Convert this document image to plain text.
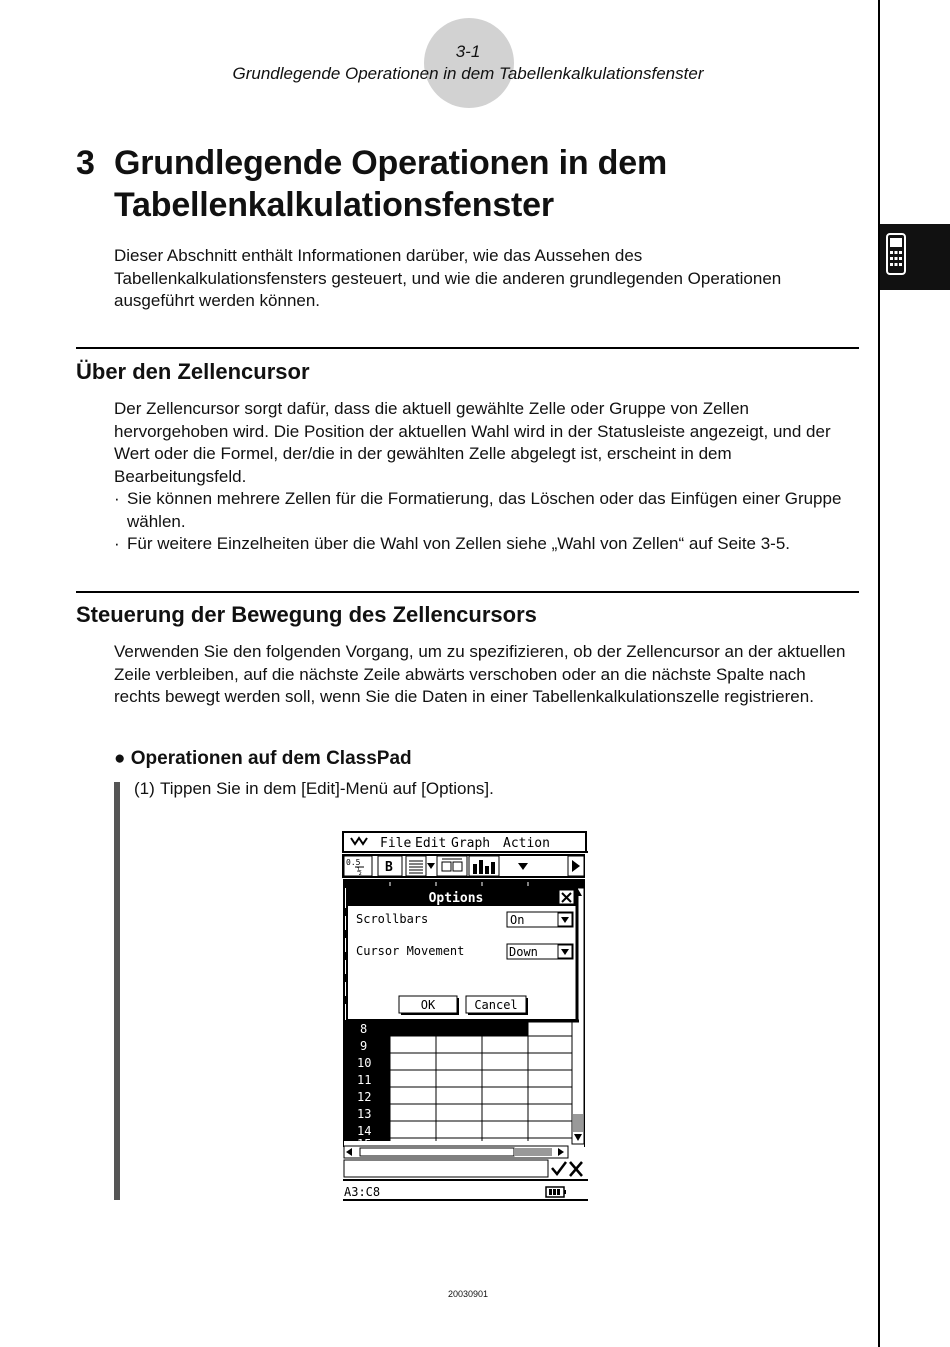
3-1
Grundlegende Operationen in dem Tabellenkalkulationsfenster
3 Grundlegende Operationen in dem Tabellenkalkulationsfenster
Dieser Abschnitt enthält Informationen darüber, wie das Aussehen des Tabellenkalkulationsfensters gesteuert, und wie die anderen grundlegenden Operationen ausgeführt werden können.
Über den Zellencursor
Der Zellencursor sorgt dafür, dass die aktuell gewählte Zelle oder Gruppe von Zellen hervorgehoben wird. Die Position der aktuellen Wahl wird in der Statusleiste angezeigt, und der Wert oder die Formel, der/die in der gewählten Zelle abgelegt ist, erscheint in dem Bearbeitungsfeld.
· Sie können mehrere Zellen für die Formatierung, das Löschen oder das Einfügen einer Gruppe wählen.
· Für weitere Einzelheiten über die Wahl von Zellen siehe „Wahl von Zellen“ auf Seite 3-5.
Steuerung der Bewegung des Zellencursors
Verwenden Sie den folgenden Vorgang, um zu spezifizieren, ob der Zellencursor an der aktuellen Zeile verbleiben, auf die nächste Zeile abwärts verschoben oder an die nächste Spalte nach rechts bewegt werden soll, wenn Sie die Daten in einer Tabellenkalkulationszelle registrieren.
● Operationen auf dem ClassPad
(1) Tippen Sie in dem [Edit]-Menü auf [Options].
File Edit Graph Action
0.5
½ B
8
9
10
11
12
13
14
A3:C8
Options
Scrollbars	On
Cursor Movement	Down
OK	Cancel
20030901
